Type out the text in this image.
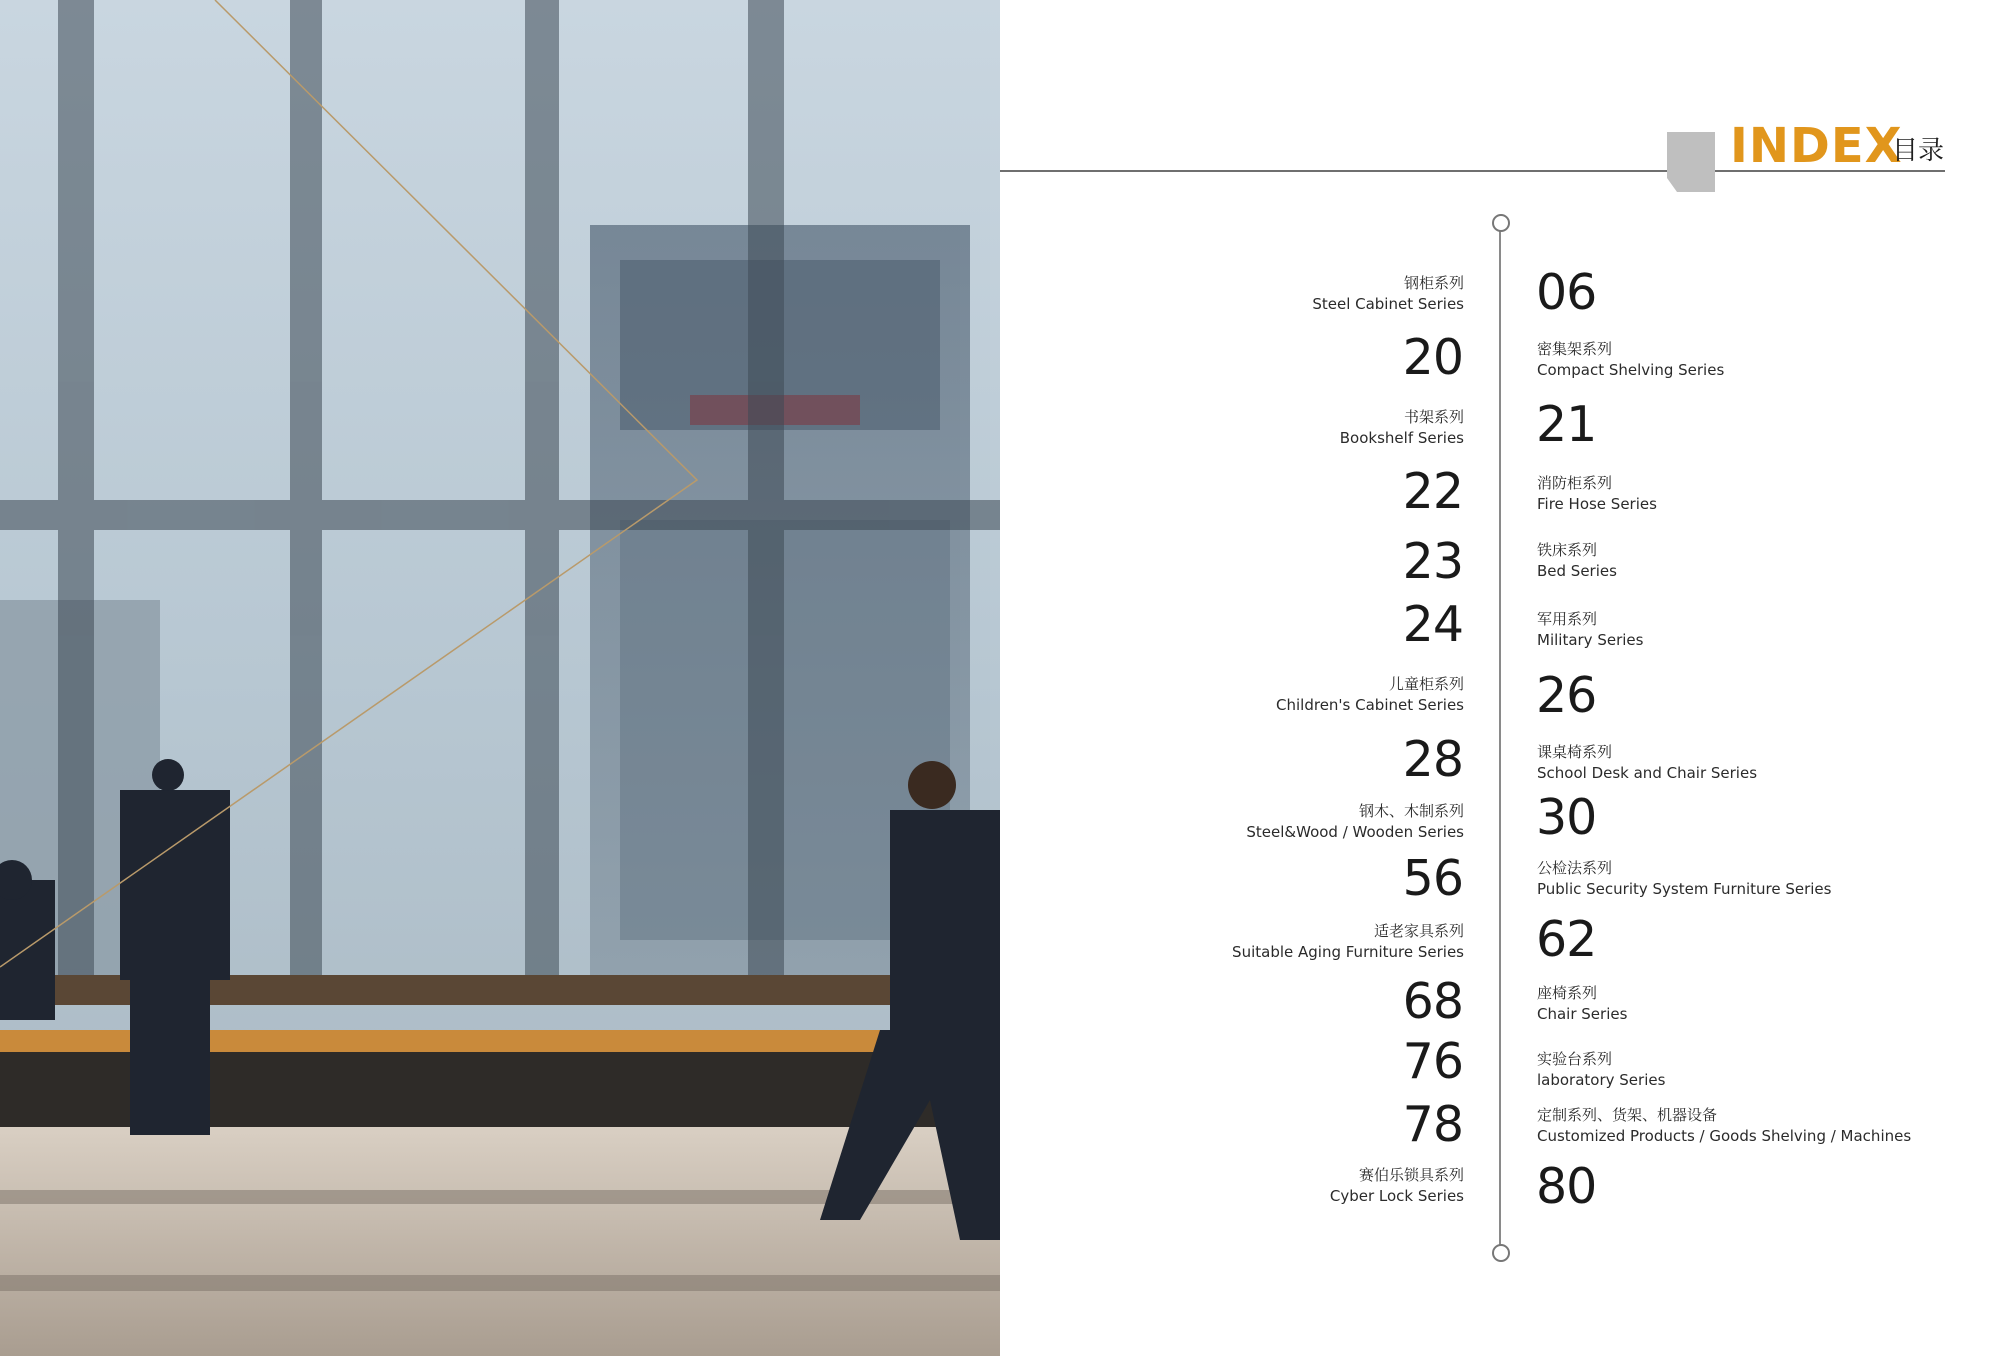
INDEX
目录
钢柜系列
Steel Cabinet Series
书架系列
Bookshelf Series
儿童柜系列
Children's Cabinet Series
钢木、木制系列
Steel&Wood / Wooden Series
适老家具系列
Suitable Aging Furniture Series
赛伯乐锁具系列
Cyber Lock Series
20
22
23
24
28
56
68
76
78
06
21
26
30
62
80
密集架系列
Compact Shelving Series
消防柜系列
Fire Hose Series
铁床系列
Bed Series
军用系列
Military Series
课桌椅系列
School Desk and Chair Series
公检法系列
Public Security System Furniture Series
座椅系列
Chair Series
实验台系列
laboratory Series
定制系列、货架、机器设备
Customized Products / Goods Shelving / Machines
